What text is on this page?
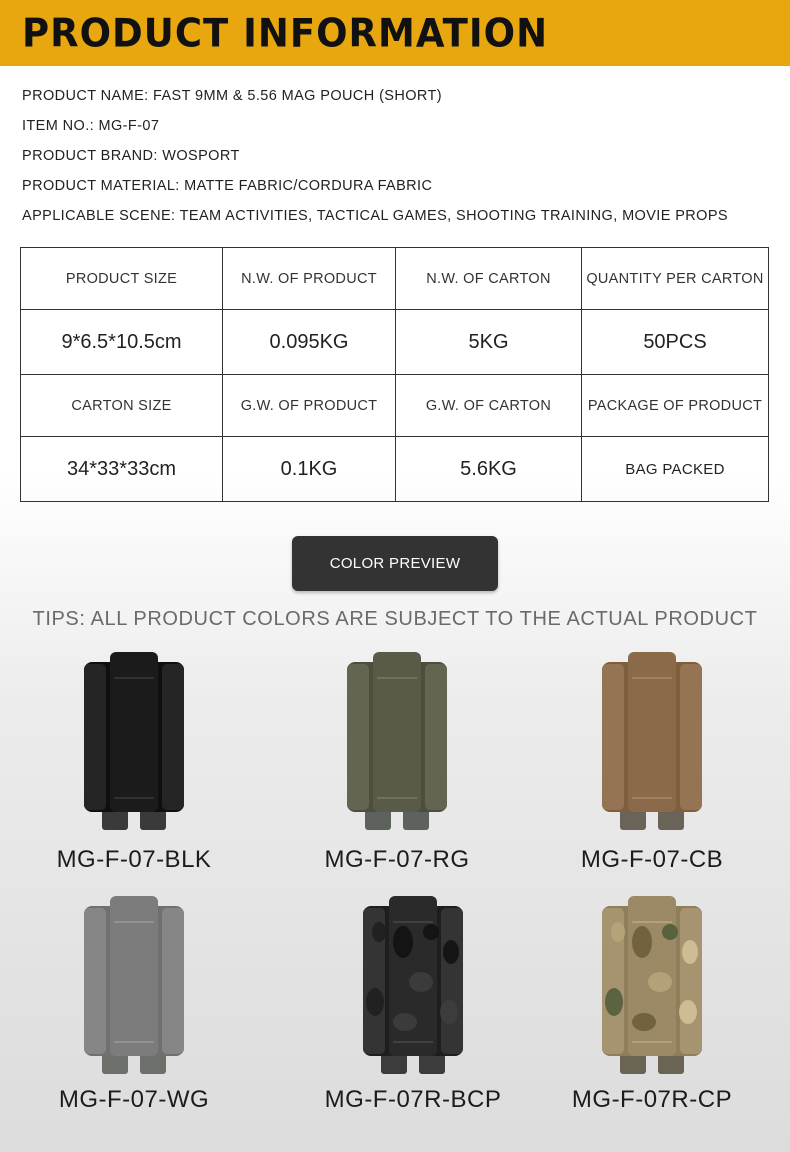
PRODUCT INFORMATION
PRODUCT NAME: FAST 9MM & 5.56 MAG POUCH (SHORT)
ITEM NO.: MG-F-07
PRODUCT BRAND: WOSPORT
PRODUCT MATERIAL: MATTE FABRIC/CORDURA FABRIC
APPLICABLE SCENE: TEAM ACTIVITIES, TACTICAL GAMES, SHOOTING TRAINING, MOVIE PROPS
PRODUCT SIZE	N.W. OF PRODUCT	N.W. OF CARTON	QUANTITY PER CARTON
9*6.5*10.5cm	0.095KG	5KG	50PCS
CARTON SIZE	G.W. OF PRODUCT	G.W. OF CARTON	PACKAGE OF PRODUCT
34*33*33cm	0.1KG	5.6KG	BAG PACKED
COLOR PREVIEW
TIPS: ALL PRODUCT COLORS ARE SUBJECT TO THE ACTUAL PRODUCT
MG-F-07-BLK	MG-F-07-RG	MG-F-07-CB
MG-F-07-WG	MG-F-07R-BCP	MG-F-07R-CP
